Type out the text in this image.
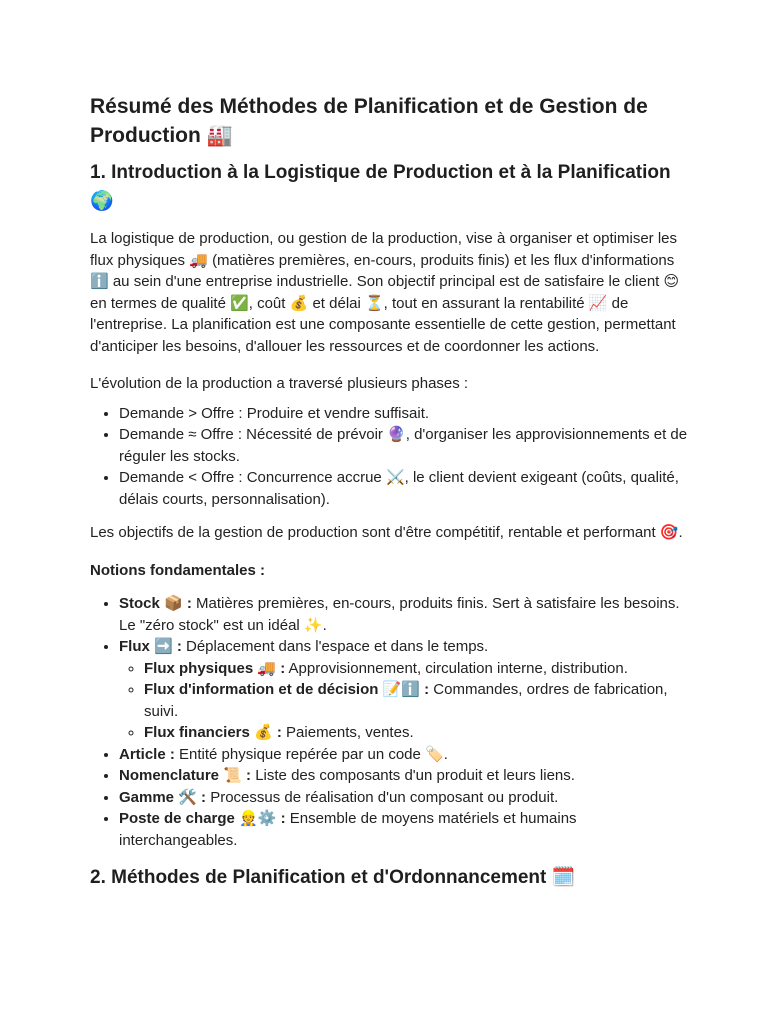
Résumé des Méthodes de Planification et de Gestion de Production 🏭
1. Introduction à la Logistique de Production et à la Planification 🌍

La logistique de production, ou gestion de la production, vise à organiser et optimiser les flux physiques 🚚 (matières premières, en-cours, produits finis) et les flux d'informations ℹ️ au sein d'une entreprise industrielle. Son objectif principal est de satisfaire le client 😊 en termes de qualité ✅, coût 💰 et délai ⏳, tout en assurant la rentabilité 📈 de l'entreprise. La planification est une composante essentielle de cette gestion, permettant d'anticiper les besoins, d'allouer les ressources et de coordonner les actions.

L'évolution de la production a traversé plusieurs phases :

• Demande > Offre : Produire et vendre suffisait.
• Demande ≈ Offre : Nécessité de prévoir 🔮, d'organiser les approvisionnements et de réguler les stocks.
• Demande < Offre : Concurrence accrue ⚔️, le client devient exigeant (coûts, qualité, délais courts, personnalisation).

Les objectifs de la gestion de production sont d'être compétitif, rentable et performant 🎯.

Notions fondamentales :

• Stock 📦 : Matières premières, en-cours, produits finis. Sert à satisfaire les besoins. Le "zéro stock" est un idéal ✨.
• Flux ➡️ : Déplacement dans l'espace et dans le temps.
◦ Flux physiques 🚚 : Approvisionnement, circulation interne, distribution.
◦ Flux d'information et de décision 📝ℹ️ : Commandes, ordres de fabrication, suivi.
◦ Flux financiers 💰 : Paiements, ventes.
• Article : Entité physique repérée par un code 🏷️.
• Nomenclature 📜 : Liste des composants d'un produit et leurs liens.
• Gamme 🛠️ : Processus de réalisation d'un composant ou produit.
• Poste de charge 👷⚙️ : Ensemble de moyens matériels et humains interchangeables.
2. Méthodes de Planification et d'Ordonnancement 🗓️
